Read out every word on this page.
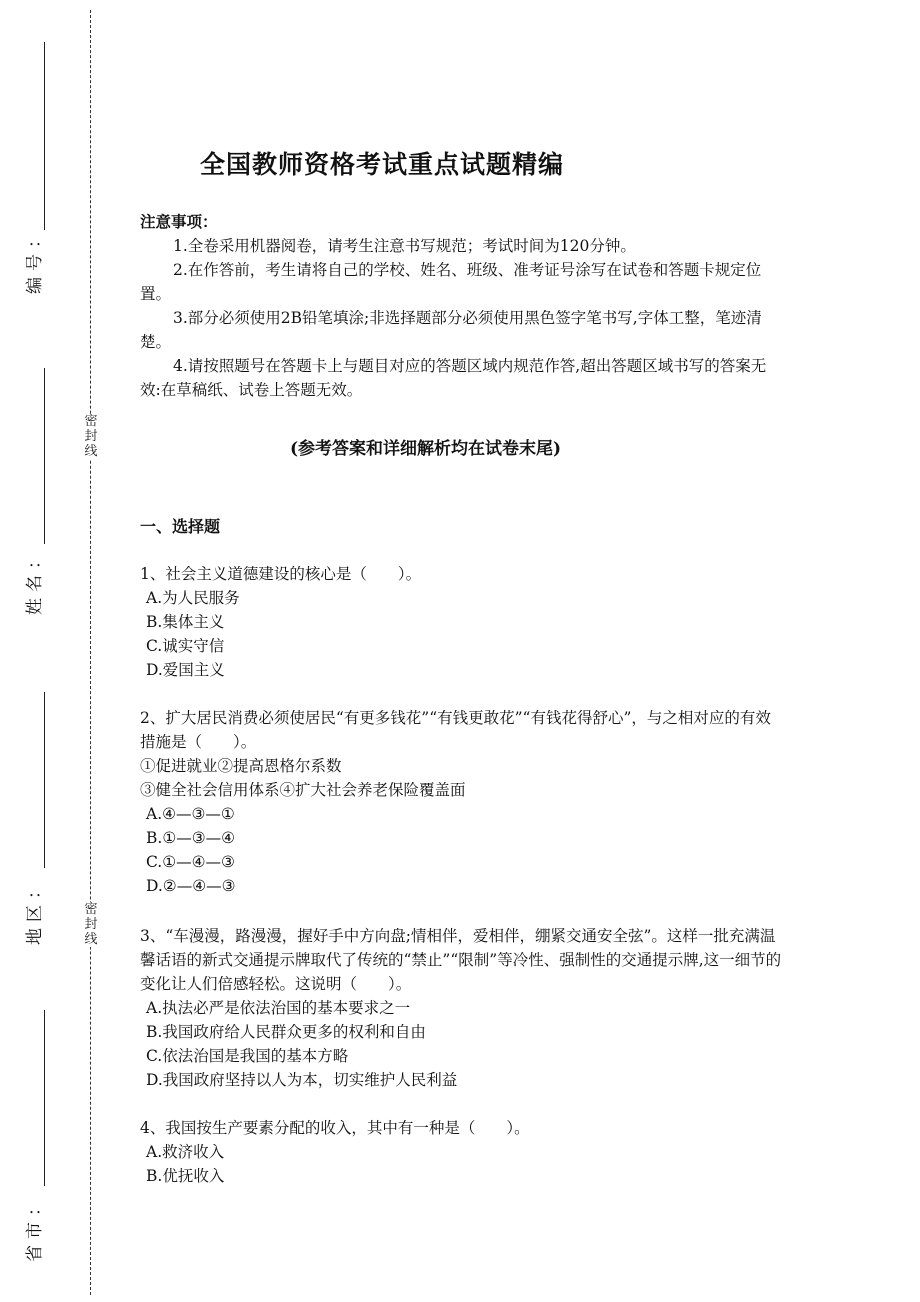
密封线
密封线
编号：
姓名：
地区：
省市：
全国教师资格考试重点试题精编
注意事项：
1.全卷采用机器阅卷，请考生注意书写规范；考试时间为120分钟。
2.在作答前，考生请将自己的学校、姓名、班级、准考证号涂写在试卷和答题卡规定位置。
3.部分必须使用2B铅笔填涂;非选择题部分必须使用黑色签字笔书写,字体工整，笔迹清楚。
4.请按照题号在答题卡上与题目对应的答题区域内规范作答,超出答题区域书写的答案无效:在草稿纸、试卷上答题无效。
(参考答案和详细解析均在试卷末尾)
一、选择题
1、社会主义道德建设的核心是（　　）。
A.为人民服务
B.集体主义
C.诚实守信
D.爱国主义
2、扩大居民消费必须使居民“有更多钱花”“有钱更敢花”“有钱花得舒心”，与之相对应的有效措施是（　　）。
①促进就业②提高恩格尔系数
③健全社会信用体系④扩大社会养老保险覆盖面
A.④—③—①
B.①—③—④
C.①—④—③
D.②—④—③
3、“车漫漫，路漫漫，握好手中方向盘;情相伴，爱相伴，绷紧交通安全弦”。这样一批充满温馨话语的新式交通提示牌取代了传统的“禁止”“限制”等冷性、强制性的交通提示牌,这一细节的变化让人们倍感轻松。这说明（　　）。
A.执法必严是依法治国的基本要求之一
B.我国政府给人民群众更多的权利和自由
C.依法治国是我国的基本方略
D.我国政府坚持以人为本，切实维护人民利益
4、我国按生产要素分配的收入，其中有一种是（　　）。
A.救济收入
B.优抚收入
